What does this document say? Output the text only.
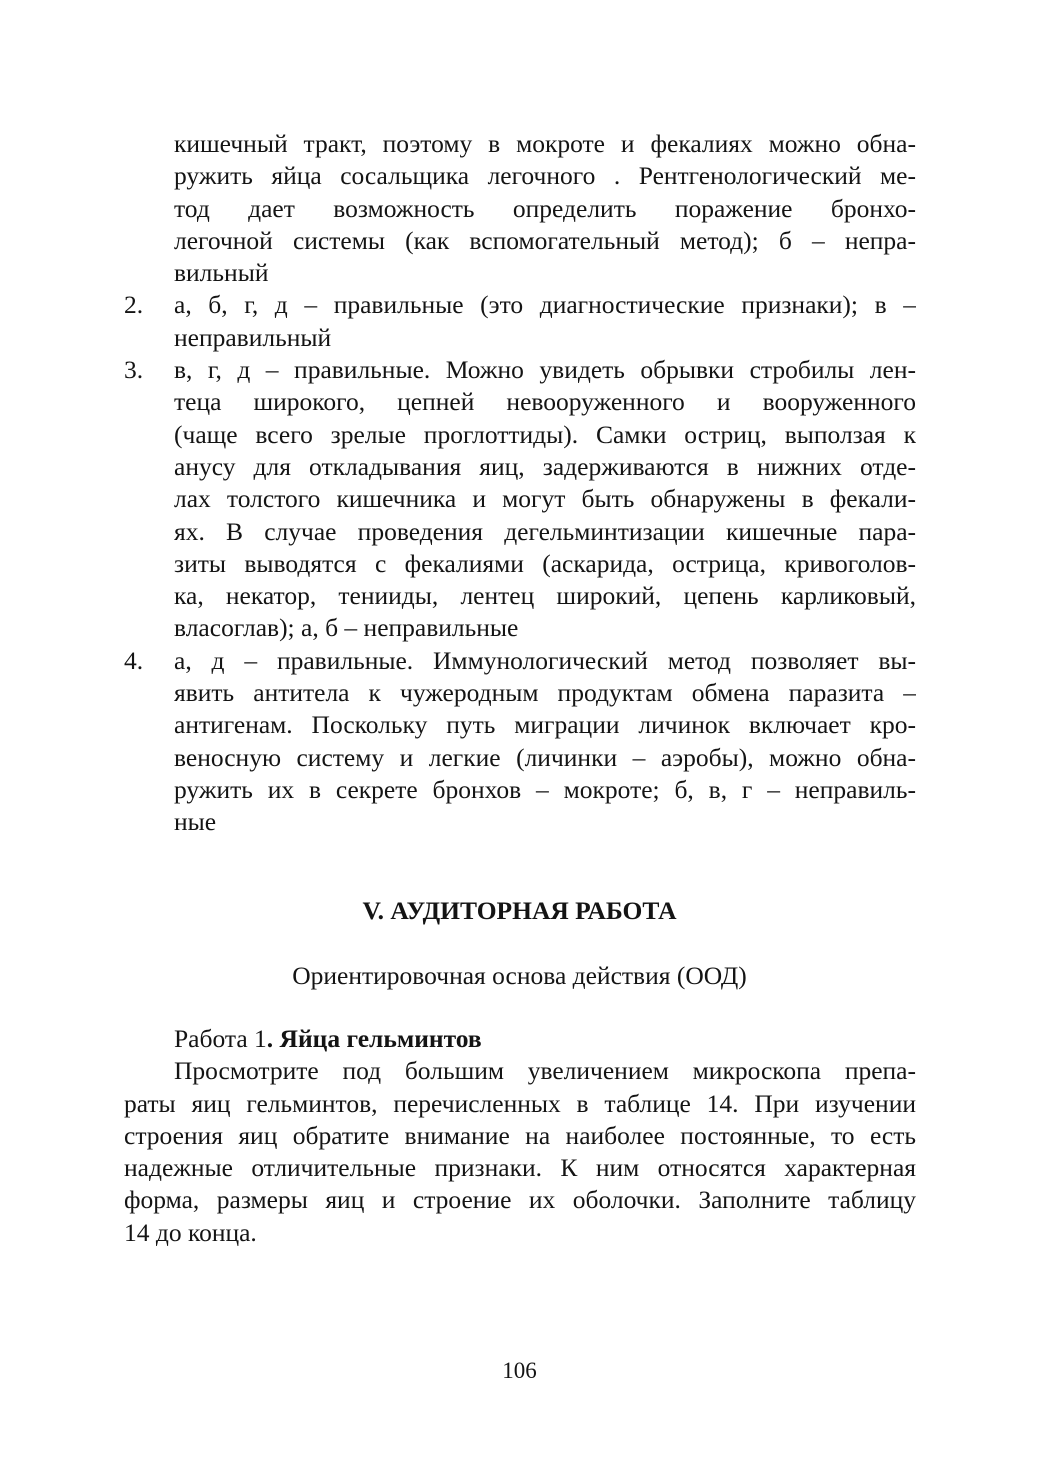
кишечный тракт, поэтому в мокроте и фекалиях можно обна-
ружить яйца сосальщика легочного . Рентгенологический ме-
тод дает возможность определить поражение бронхо-
легочной системы (как вспомогательный метод); б – непра-
вильный
2.	а, б, г, д – правильные (это диагностические признаки); в –
неправильный
3.	в, г, д – правильные. Можно увидеть обрывки стробилы лен-
теца широкого, цепней невооруженного и вооруженного
(чаще всего зрелые проглоттиды). Самки остриц, выползая к
анусу для откладывания яиц, задерживаются в нижних отде-
лах толстого кишечника и могут быть обнаружены в фекали-
ях. В случае проведения дегельминтизации кишечные пара-
зиты выводятся с фекалиями (аскарида, острица, кривоголов-
ка, некатор, тенииды, лентец широкий, цепень карликовый,
власоглав); а, б – неправильные
4.	а, д – правильные. Иммунологический метод позволяет вы-
явить антитела к чужеродным продуктам обмена паразита –
антигенам. Поскольку путь миграции личинок включает кро-
веносную систему и легкие (личинки – аэробы), можно обна-
ружить их в секрете бронхов – мокроте; б, в, г – неправиль-
ные
V. АУДИТОРНАЯ РАБОТА
Ориентировочная основа действия (ООД)
Работа 1. Яйца гельминтов
Просмотрите под большим увеличением микроскопа препа-
раты яиц гельминтов, перечисленных в таблице 14. При изучении
строения яиц обратите внимание на наиболее постоянные, то есть
надежные отличительные признаки. К ним относятся характерная
форма, размеры яиц и строение их оболочки. Заполните таблицу
14 до конца.
106
